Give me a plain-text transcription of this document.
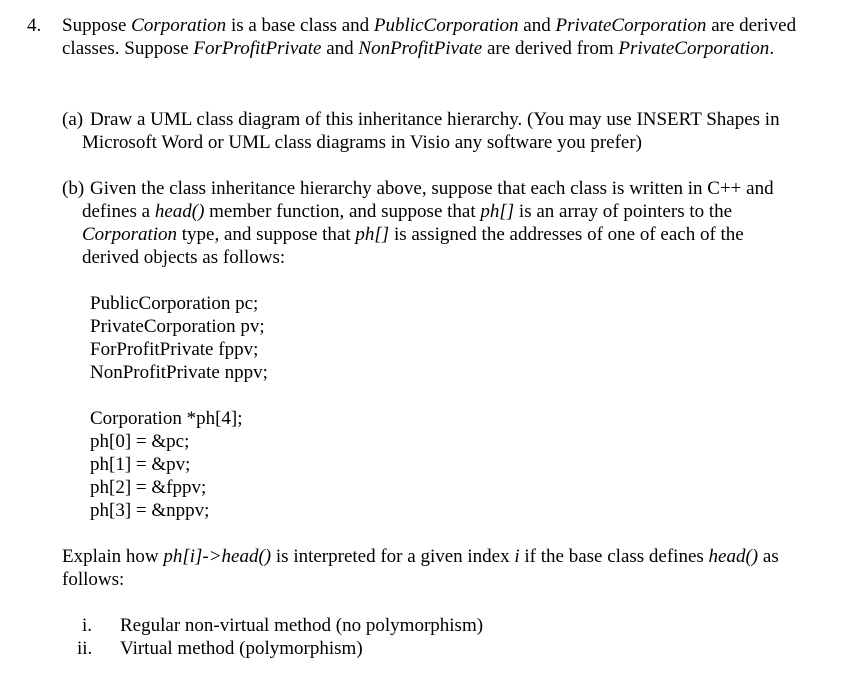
4. Suppose Corporation is a base class and PublicCorporation and PrivateCorporation are derived classes. Suppose ForProfitPrivate and NonProfitPivate are derived from PrivateCorporation.

(a) Draw a UML class diagram of this inheritance hierarchy. (You may use INSERT Shapes in Microsoft Word or UML class diagrams in Visio any software you prefer)

(b) Given the class inheritance hierarchy above, suppose that each class is written in C++ and defines a head() member function, and suppose that ph[] is an array of pointers to the Corporation type, and suppose that ph[] is assigned the addresses of one of each of the derived objects as follows:

PublicCorporation pc;
PrivateCorporation pv;
ForProfitPrivate fppv;
NonProfitPrivate nppv;
Corporation *ph[4];
ph[0] = &pc;
ph[1] = &pv;
ph[2] = &fppv;
ph[3] = &nppv;

Explain how ph[i]->head() is interpreted for a given index i if the base class defines head() as follows:

i. Regular non-virtual method (no polymorphism)
ii. Virtual method (polymorphism)
